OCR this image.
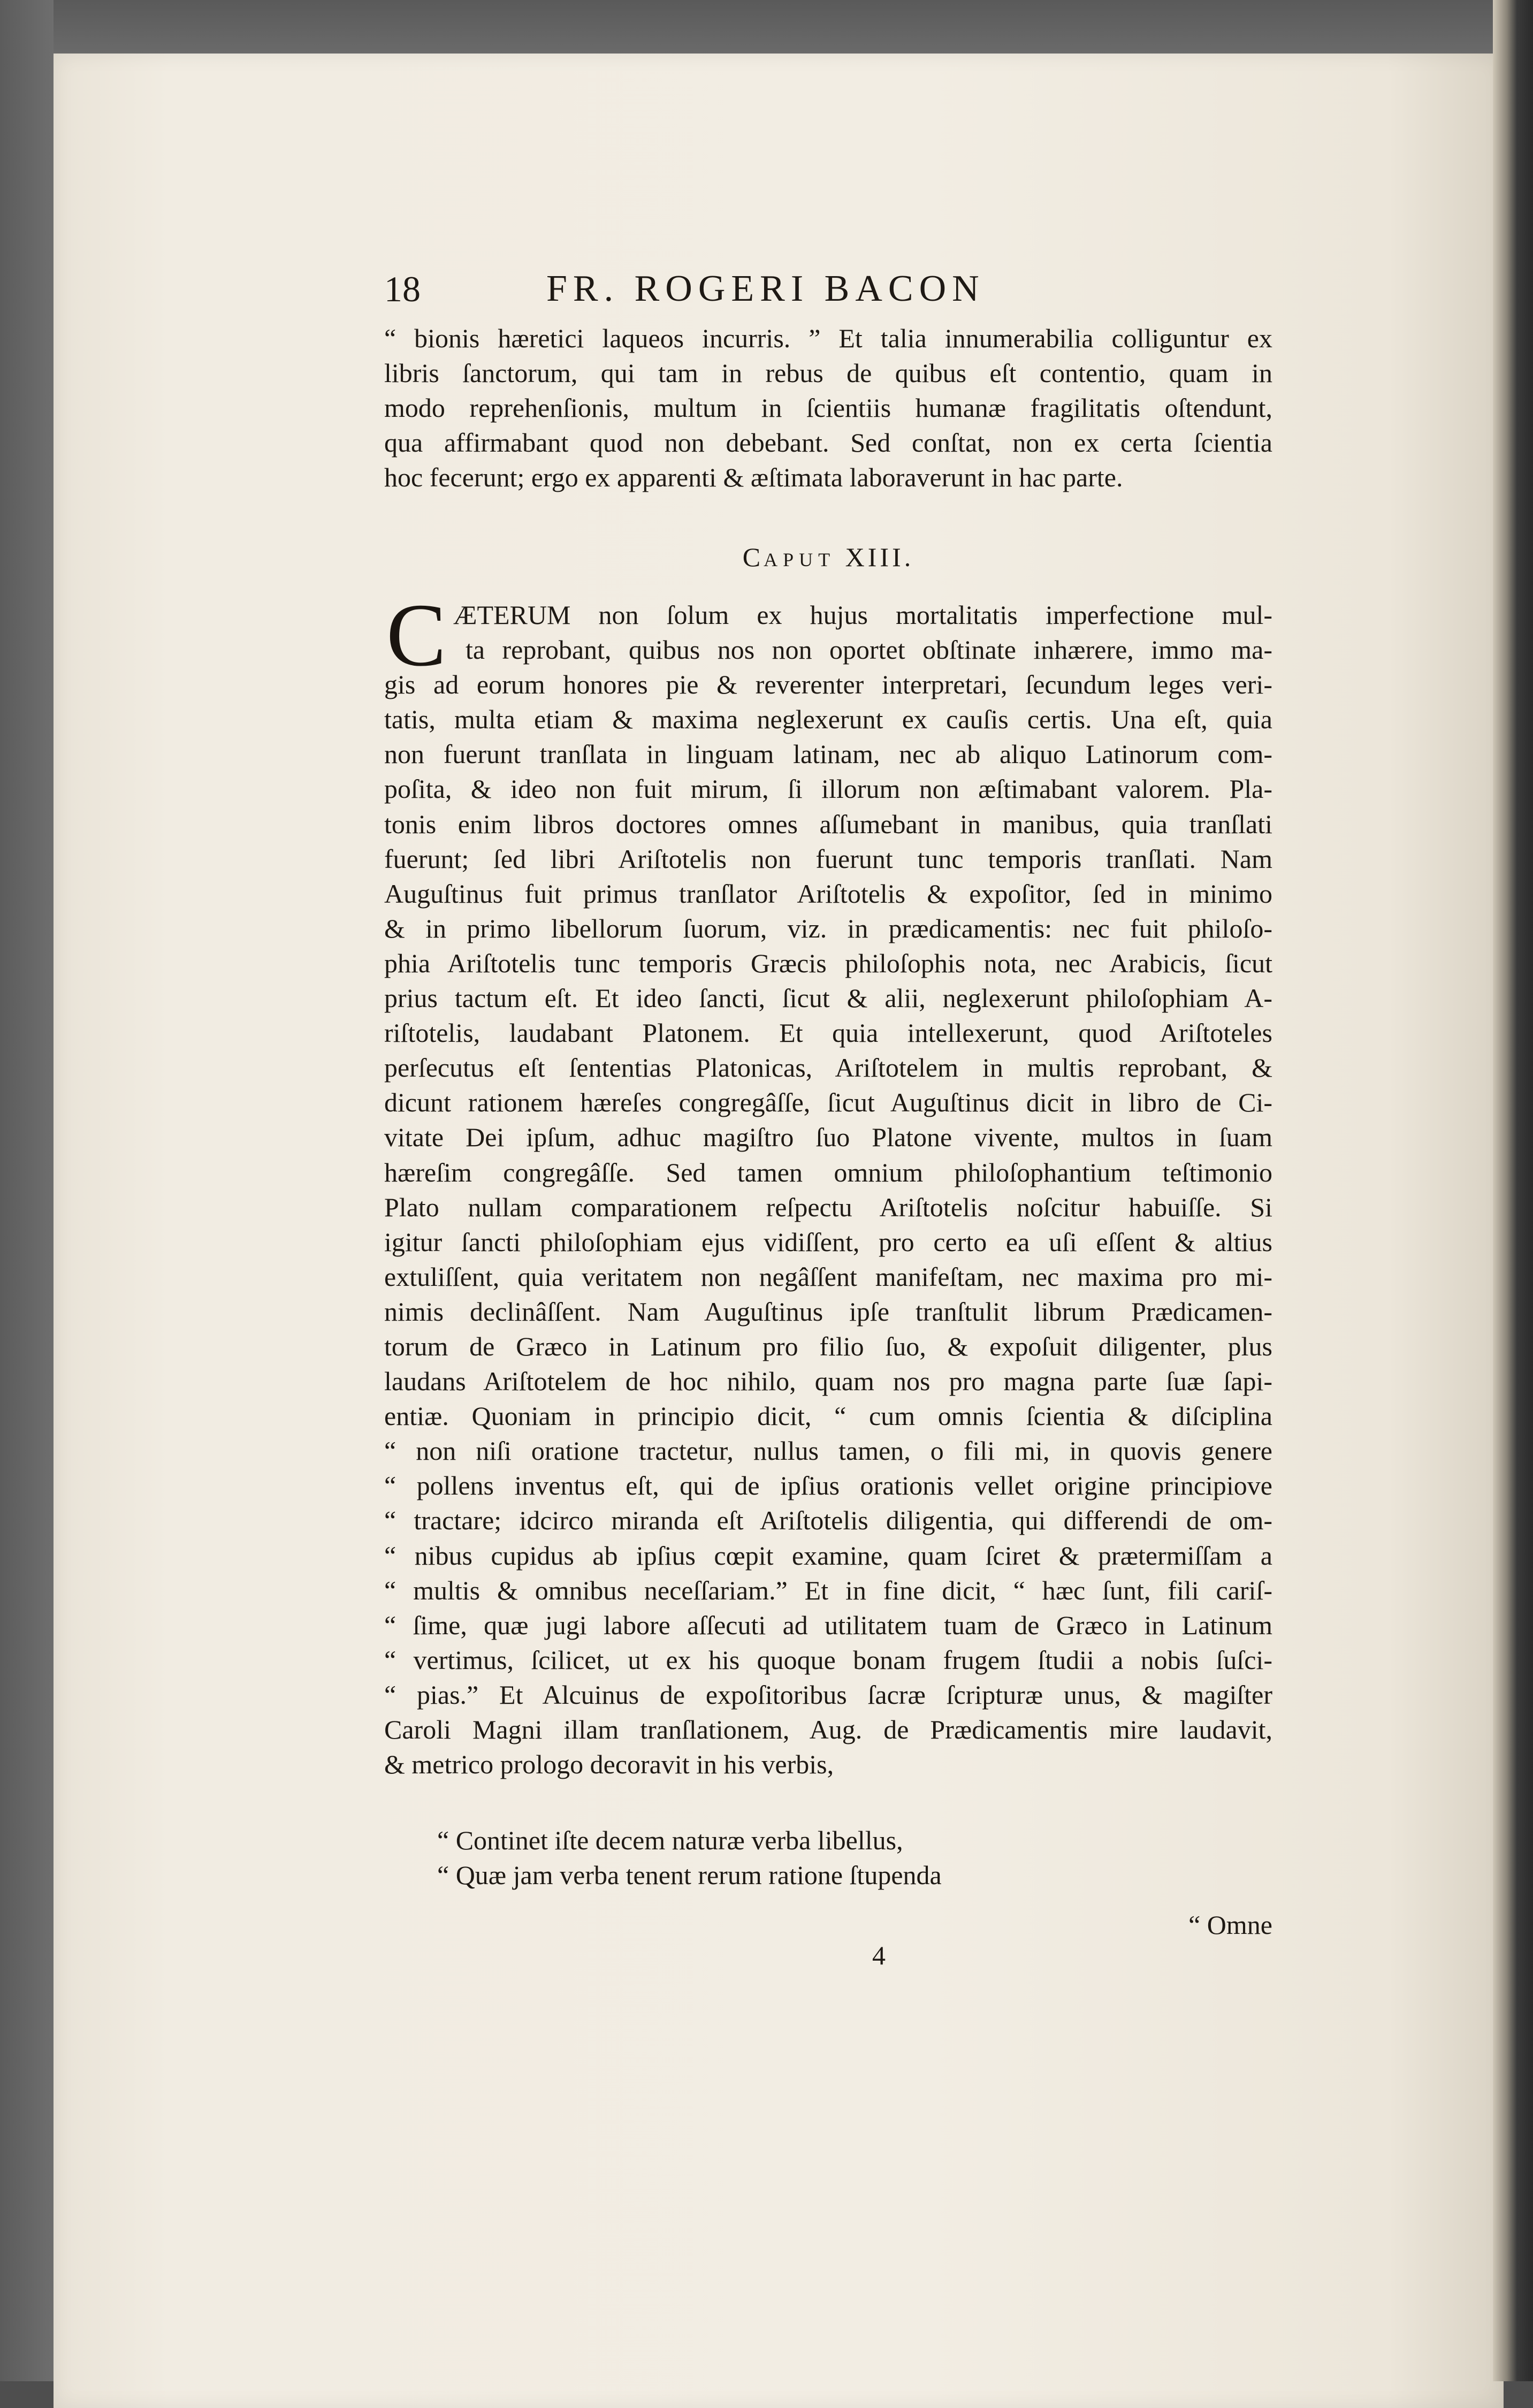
18	FR. ROGERI BACON
“ bionis hæretici laqueos incurris. ” Et talia innumerabilia colliguntur ex
libris ſanctorum, qui tam in rebus de quibus eſt contentio, quam in
modo reprehenſionis, multum in ſcientiis humanæ fragilitatis oſtendunt,
qua affirmabant quod non debebant. Sed conſtat, non ex certa ſcientia
hoc fecerunt; ergo ex apparenti & æſtimata laboraverunt in hac parte.
CAPUT XIII.
C ÆTERUM non ſolum ex hujus mortalitatis imperfectione mul-
ta reprobant, quibus nos non oportet obſtinate inhærere, immo ma-
gis ad eorum honores pie & reverenter interpretari, ſecundum leges veri-
tatis, multa etiam & maxima neglexerunt ex cauſis certis. Una eſt, quia
non fuerunt tranſlata in linguam latinam, nec ab aliquo Latinorum com-
poſita, & ideo non fuit mirum, ſi illorum non æſtimabant valorem. Pla-
tonis enim libros doctores omnes aſſumebant in manibus, quia tranſlati
fuerunt; ſed libri Ariſtotelis non fuerunt tunc temporis tranſlati. Nam
Auguſtinus fuit primus tranſlator Ariſtotelis & expoſitor, ſed in minimo
& in primo libellorum ſuorum, viz. in prædicamentis: nec fuit philoſo-
phia Ariſtotelis tunc temporis Græcis philoſophis nota, nec Arabicis, ſicut
prius tactum eſt. Et ideo ſancti, ſicut & alii, neglexerunt philoſophiam A-
riſtotelis, laudabant Platonem. Et quia intellexerunt, quod Ariſtoteles
perſecutus eſt ſententias Platonicas, Ariſtotelem in multis reprobant, &
dicunt rationem hæreſes congregâſſe, ſicut Auguſtinus dicit in libro de Ci-
vitate Dei ipſum, adhuc magiſtro ſuo Platone vivente, multos in ſuam
hæreſim congregâſſe. Sed tamen omnium philoſophantium teſtimonio
Plato nullam comparationem reſpectu Ariſtotelis noſcitur habuiſſe. Si
igitur ſancti philoſophiam ejus vidiſſent, pro certo ea uſi eſſent & altius
extuliſſent, quia veritatem non negâſſent manifeſtam, nec maxima pro mi-
nimis declinâſſent. Nam Auguſtinus ipſe tranſtulit librum Prædicamen-
torum de Græco in Latinum pro filio ſuo, & expoſuit diligenter, plus
laudans Ariſtotelem de hoc nihilo, quam nos pro magna parte ſuæ ſapi-
entiæ. Quoniam in principio dicit, “ cum omnis ſcientia & diſciplina
“ non niſi oratione tractetur, nullus tamen, o fili mi, in quovis genere
“ pollens inventus eſt, qui de ipſius orationis vellet origine principiove
“ tractare; idcirco miranda eſt Ariſtotelis diligentia, qui differendi de om-
“ nibus cupidus ab ipſius cœpit examine, quam ſciret & prætermiſſam a
“ multis & omnibus neceſſariam.” Et in fine dicit, “ hæc ſunt, fili cariſ-
“ ſime, quæ jugi labore aſſecuti ad utilitatem tuam de Græco in Latinum
“ vertimus, ſcilicet, ut ex his quoque bonam frugem ſtudii a nobis ſuſci-
“ pias.” Et Alcuinus de expoſitoribus ſacræ ſcripturæ unus, & magiſter
Caroli Magni illam tranſlationem, Aug. de Prædicamentis mire laudavit,
& metrico prologo decoravit in his verbis,
“ Continet iſte decem naturæ verba libellus,
“ Quæ jam verba tenent rerum ratione ſtupenda
“ Omne
4
